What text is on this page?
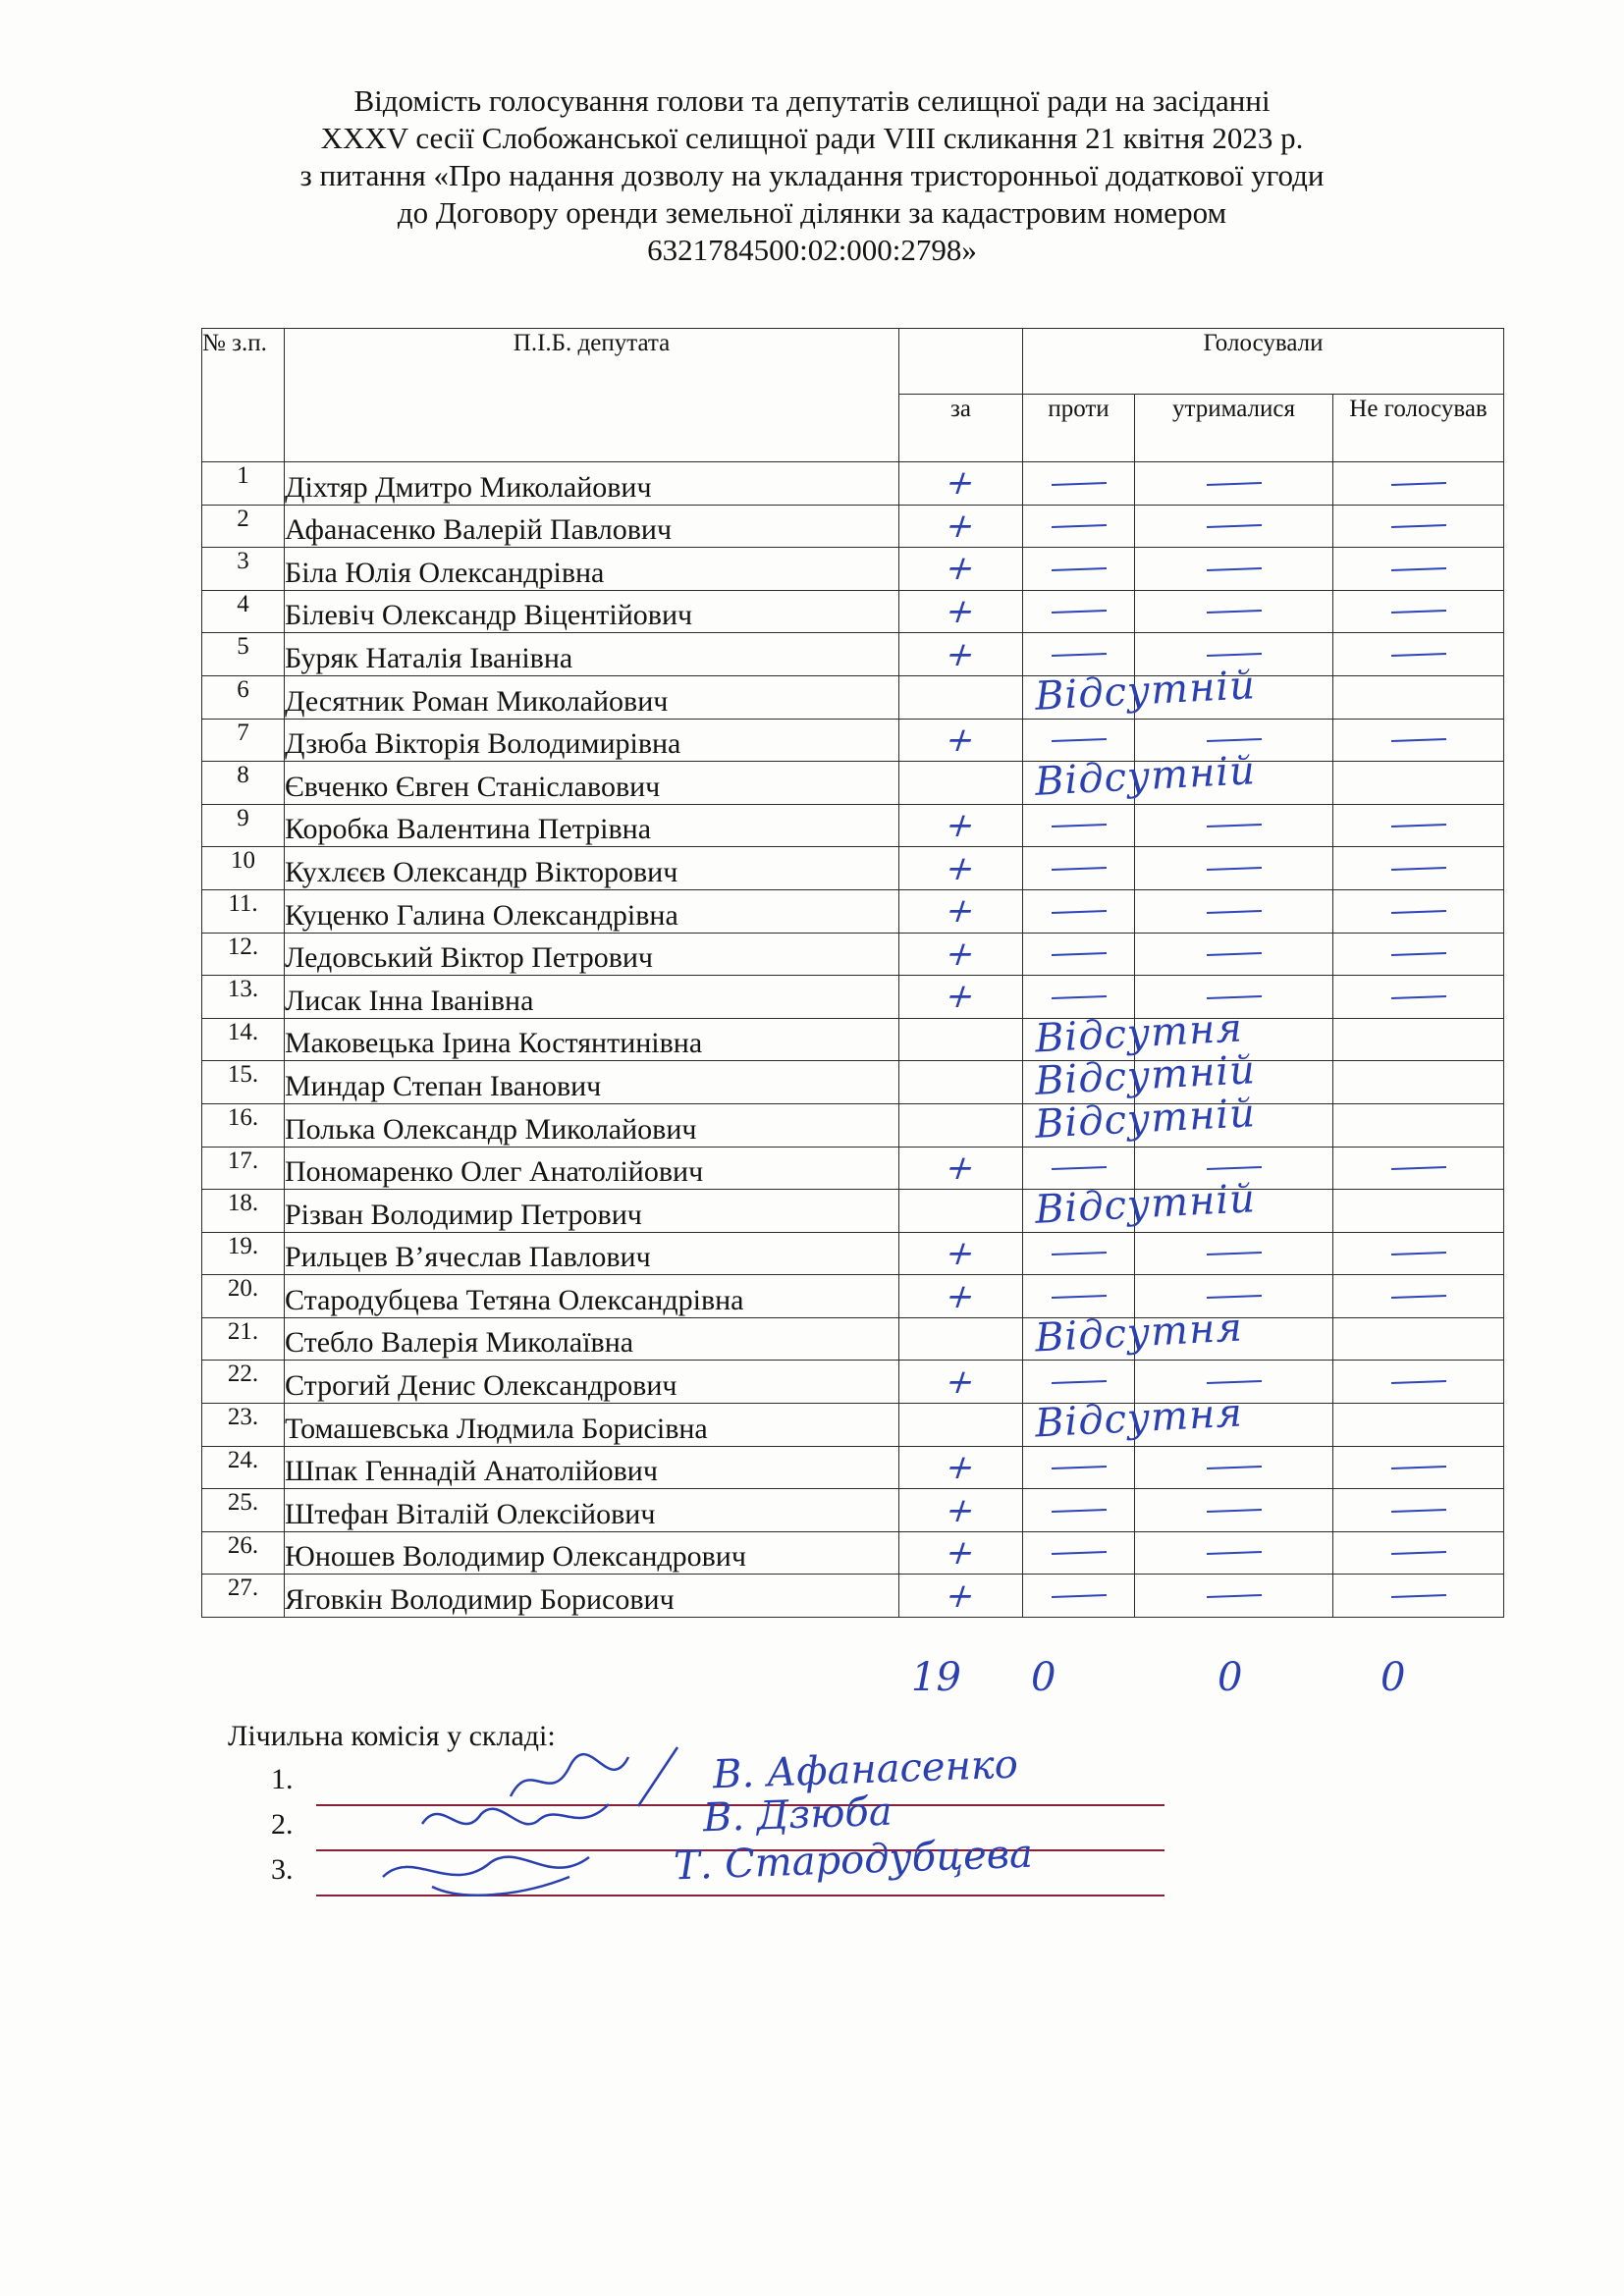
Відомість голосування голови та депутатів селищної ради на засіданні
XXXV сесії Слобожанської селищної ради VIII скликання 21 квітня 2023 р.
з питання «Про надання дозволу на укладання тристоронньої додаткової угоди
до Договору оренди земельної ділянки за кадастровим номером
6321784500:02:000:2798»
№ з.п.	П.І.Б. депутата		Голосували		
		за	проти	утрималися	Не голосував
1	Діхтяр Дмитро Миколайович	+			
2	Афанасенко Валерій Павлович	+			
3	Біла Юлія Олександрівна	+			
4	Білевіч Олександр Віцентійович	+			
5	Буряк Наталія Іванівна	+			
6	Десятник Роман Миколайович		Відсутній		

7	Дзюба Вікторія Володимирівна	+			
8	Євченко Євген Станіславович		Відсутній		

9	Коробка Валентина Петрівна	+			
10	Кухлєєв Олександр Вікторович	+			
11.	Куценко Галина Олександрівна	+			
12.	Ледовський Віктор Петрович	+			
13.	Лисак Інна Іванівна	+			
14.	Маковецька Ірина Костянтинівна		Відсутня		

15.	Миндар Степан Іванович		Відсутній		

16.	Полька Олександр Миколайович		Відсутній		

17.	Пономаренко Олег Анатолійович	+			
18.	Різван Володимир Петрович		Відсутній		

19.	Рильцев В’ячеслав Павлович	+			
20.	Стародубцева Тетяна Олександрівна	+			
21.	Стебло Валерія Миколаївна		Відсутня		

22.	Строгий Денис Олександрович	+			
23.	Томашевська Людмила Борисівна		Відсутня		

24.	Шпак Геннадій Анатолійович	+			
25.	Штефан Віталій Олексійович	+			
26.	Юношев Володимир Олександрович	+			
27.	Яговкін Володимир Борисович	+			
19 0	0	0
Лічильна комісія у складі:
1.	В. Афанасенко
2.	В. Дзюба
3.	Т. Стародубцева
